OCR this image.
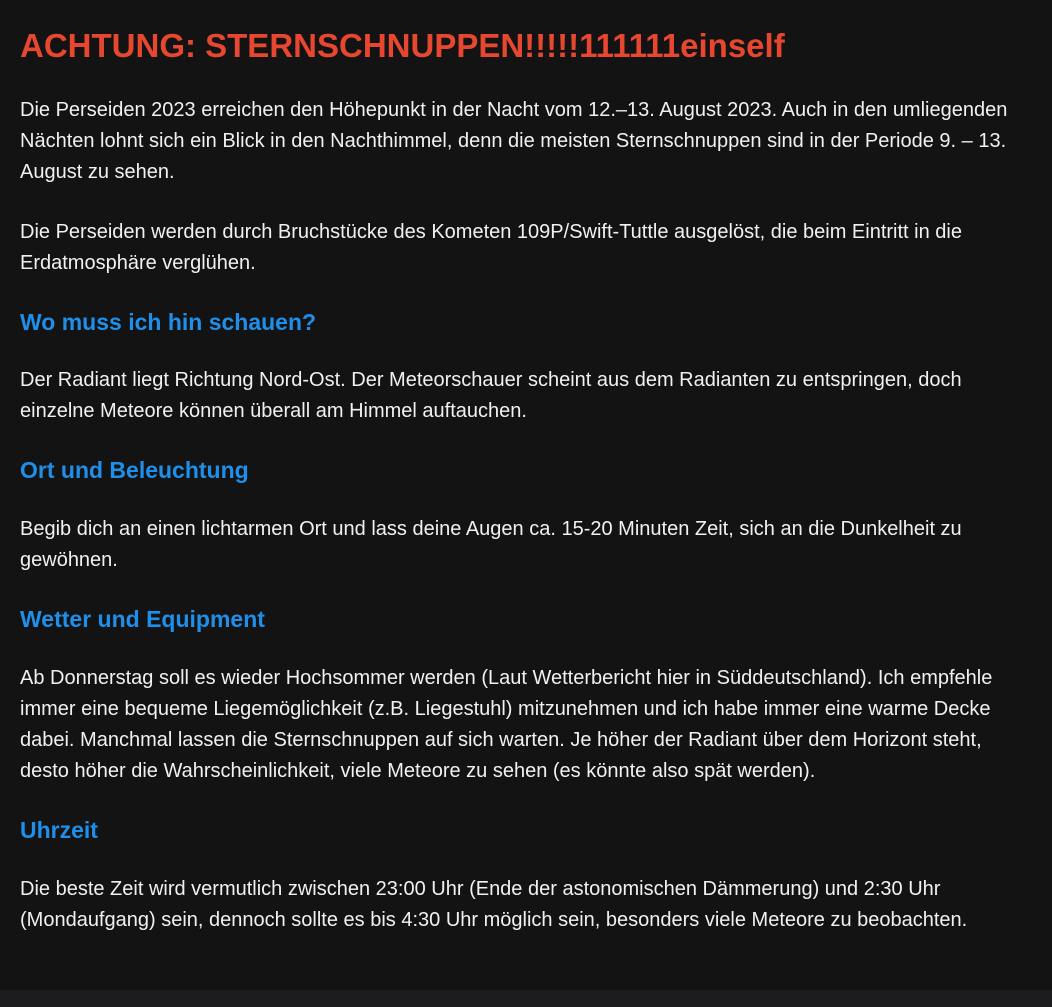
ACHTUNG: STERNSCHNUPPEN!!!!!111111einself

Die Perseiden 2023 erreichen den Höhepunkt in der Nacht vom 12.–13. August 2023. Auch in den umliegenden Nächten lohnt sich ein Blick in den Nachthimmel, denn die meisten Sternschnuppen sind in der Periode 9. – 13. August zu sehen.

Die Perseiden werden durch Bruchstücke des Kometen 109P/Swift-Tuttle ausgelöst, die beim Eintritt in die Erdatmosphäre verglühen.

Wo muss ich hin schauen?

Der Radiant liegt Richtung Nord-Ost. Der Meteorschauer scheint aus dem Radianten zu entspringen, doch einzelne Meteore können überall am Himmel auftauchen.

Ort und Beleuchtung

Begib dich an einen lichtarmen Ort und lass deine Augen ca. 15-20 Minuten Zeit, sich an die Dunkelheit zu gewöhnen.

Wetter und Equipment

Ab Donnerstag soll es wieder Hochsommer werden (Laut Wetterbericht hier in Süddeutschland). Ich empfehle immer eine bequeme Liegemöglichkeit (z.B. Liegestuhl) mitzunehmen und ich habe immer eine warme Decke dabei. Manchmal lassen die Sternschnuppen auf sich warten. Je höher der Radiant über dem Horizont steht, desto höher die Wahrscheinlichkeit, viele Meteore zu sehen (es könnte also spät werden).

Uhrzeit

Die beste Zeit wird vermutlich zwischen 23:00 Uhr (Ende der astonomischen Dämmerung) und 2:30 Uhr (Mondaufgang) sein, dennoch sollte es bis 4:30 Uhr möglich sein, besonders viele Meteore zu beobachten.
